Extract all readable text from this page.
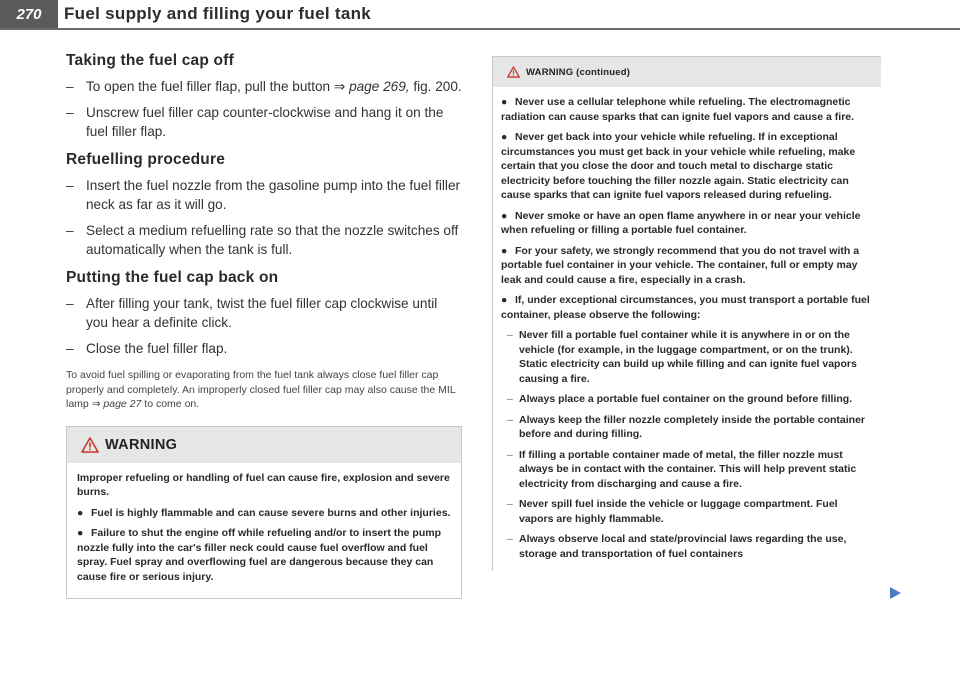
270	Fuel supply and filling your fuel tank
Taking the fuel cap off
– To open the fuel filler flap, pull the button ⇒ page 269, fig. 200.
– Unscrew fuel filler cap counter-clockwise and hang it on the fuel filler flap.
Refuelling procedure
– Insert the fuel nozzle from the gasoline pump into the fuel filler neck as far as it will go.
– Select a medium refuelling rate so that the nozzle switches off automatically when the tank is full.
Putting the fuel cap back on
– After filling your tank, twist the fuel filler cap clockwise until you hear a definite click.
– Close the fuel filler flap.
To avoid fuel spilling or evaporating from the fuel tank always close fuel filler cap properly and completely. An improperly closed fuel filler cap may also cause the MIL lamp ⇒ page 27 to come on.
WARNING

Improper refueling or handling of fuel can cause fire, explosion and severe burns.

● Fuel is highly flammable and can cause severe burns and other injuries.

● Failure to shut the engine off while refueling and/or to insert the pump nozzle fully into the car's filler neck could cause fuel overflow and fuel spray. Fuel spray and overflowing fuel are dangerous because they can cause fire or serious injury.

WARNING (continued)

● Never use a cellular telephone while refueling. The electromagnetic radiation can cause sparks that can ignite fuel vapors and cause a fire.

● Never get back into your vehicle while refueling. If in exceptional circumstances you must get back in your vehicle while refueling, make certain that you close the door and touch metal to discharge static electricity before touching the filler nozzle again. Static electricity can cause sparks that can ignite fuel vapors released during refueling.

● Never smoke or have an open flame anywhere in or near your vehicle when refueling or filling a portable fuel container.

● For your safety, we strongly recommend that you do not travel with a portable fuel container in your vehicle. The container, full or empty may leak and could cause a fire, especially in a crash.

● If, under exceptional circumstances, you must transport a portable fuel container, please observe the following:

– Never fill a portable fuel container while it is anywhere in or on the vehicle (for example, in the luggage compartment, or on the trunk). Static electricity can build up while filling and can ignite fuel vapors causing a fire.

– Always place a portable fuel container on the ground before filling.

– Always keep the filler nozzle completely inside the portable container before and during filling.

– If filling a portable container made of metal, the filler nozzle must always be in contact with the container. This will help prevent static electricity from discharging and cause a fire.

– Never spill fuel inside the vehicle or luggage compartment. Fuel vapors are highly flammable.

– Always observe local and state/provincial laws regarding the use, storage and transportation of fuel containers
